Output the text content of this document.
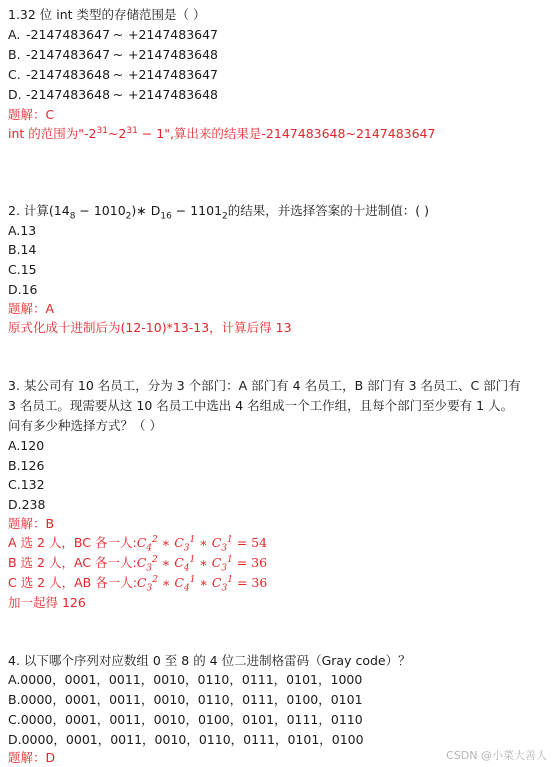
1.32 位 int 类型的存储范围是（ ）
A. -2147483647 ~ +2147483647
B. -2147483647 ~ +2147483648
C. -2147483648 ~ +2147483647
D. -2147483648 ~ +2147483648
题解：C
int 的范围为"$-2^{31}\sim 2^{31} - 1$",算出来的结果是-2147483648~2147483647
2. 计算($14_8$ − $1010_2)∗$ $D_{16} - 1101_2$的结果，并选择答案的十进制值：( )
A.13
B.14
C.15
D.16
题解：A
原式化成十进制后为(12-10)*13-13，计算后得 13
3. 某公司有 10 名员工，分为 3 个部门：A 部门有 4 名员工，B 部门有 3 名员工、C 部门有
3 名员工。现需要从这 10 名员工中选出 4 名组成一个工作组，且每个部门至少要有 1 人。
问有多少种选择方式？（ ）
A.120
B.126
C.132
D.238
题解：B
A 选 2 人，BC 各一人$:C_4^2$ ∗ $C_3^1$ ∗ $C_3^1 = 54$
B 选 2 人，AC 各一人$:C_3^2$ ∗ $C_4^1$ ∗ $C_3^1 = 36$
C 选 2 人，AB 各一人$:C_3^2$ ∗ $C_4^1$ ∗ $C_3^1 = 36$
加一起得 126
4. 以下哪个序列对应数组 0 至 8 的 4 位二进制格雷码（Gray code）？
A.0000，0001，0011，0010，0110，0111，0101，1000
B.0000，0001，0011，0010，0110，0111，0100，0101
C.0000，0001，0011，0010，0100，0101，0111，0110
D.0000，0001，0011，0010，0110，0111，0101，0100
题解：D	CSDN @小菜大善人
